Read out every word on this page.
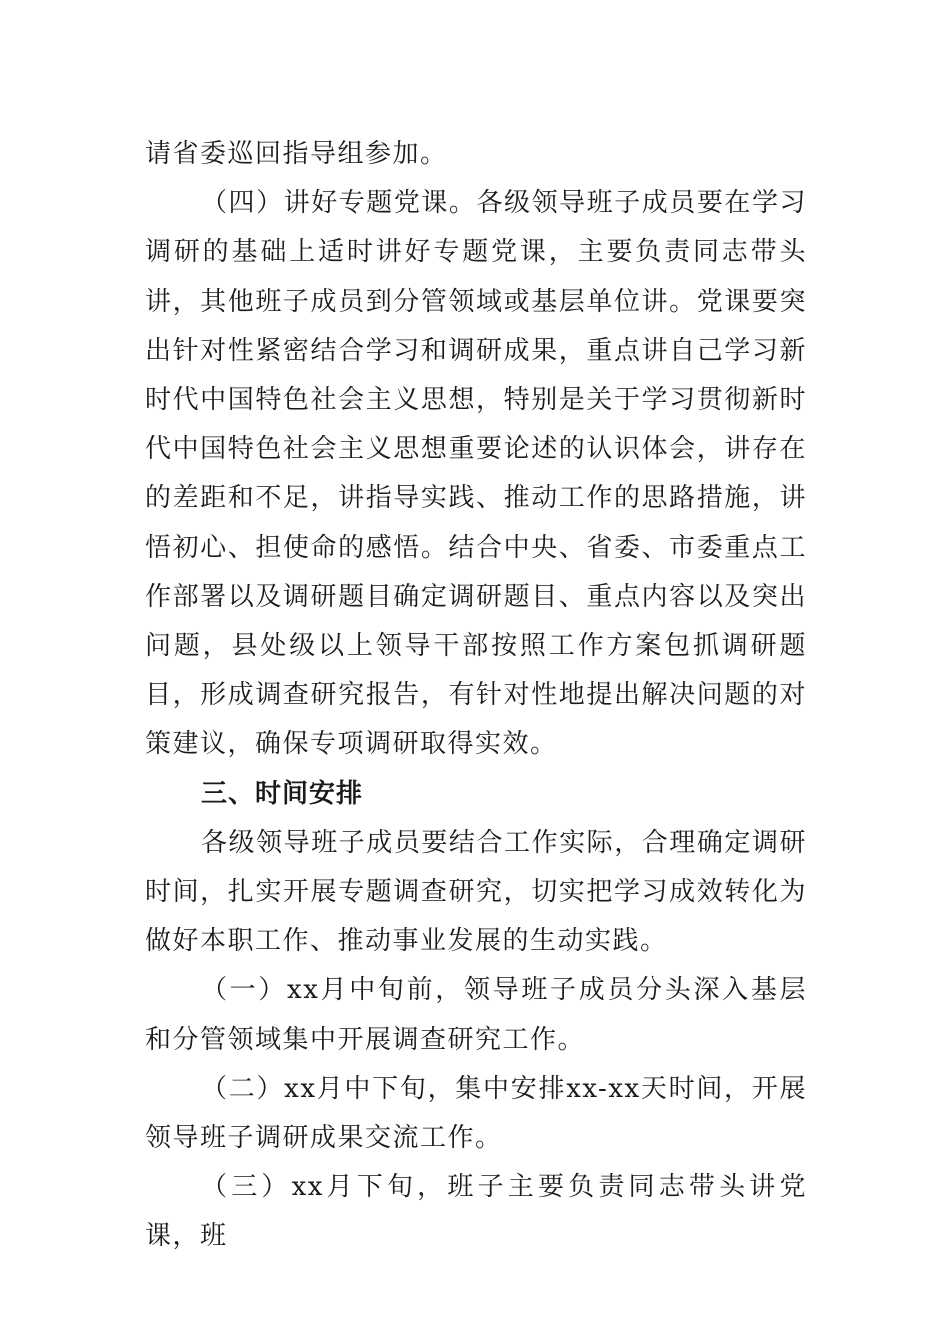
请省委巡回指导组参加。

（四）讲好专题党课。各级领导班子成员要在学习调研的基础上适时讲好专题党课，主要负责同志带头讲，其他班子成员到分管领域或基层单位讲。党课要突出针对性紧密结合学习和调研成果，重点讲自己学习新时代中国特色社会主义思想，特别是关于学习贯彻新时代中国特色社会主义思想重要论述的认识体会，讲存在的差距和不足，讲指导实践、推动工作的思路措施，讲悟初心、担使命的感悟。结合中央、省委、市委重点工作部署以及调研题目确定调研题目、重点内容以及突出问题，县处级以上领导干部按照工作方案包抓调研题目，形成调查研究报告，有针对性地提出解决问题的对策建议，确保专项调研取得实效。

三、时间安排

各级领导班子成员要结合工作实际，合理确定调研时间，扎实开展专题调查研究，切实把学习成效转化为做好本职工作、推动事业发展的生动实践。

（一）xx月中旬前，领导班子成员分头深入基层和分管领域集中开展调查研究工作。

（二）xx月中下旬，集中安排xx-xx天时间，开展领导班子调研成果交流工作。

（三）xx月下旬，班子主要负责同志带头讲党课，班
